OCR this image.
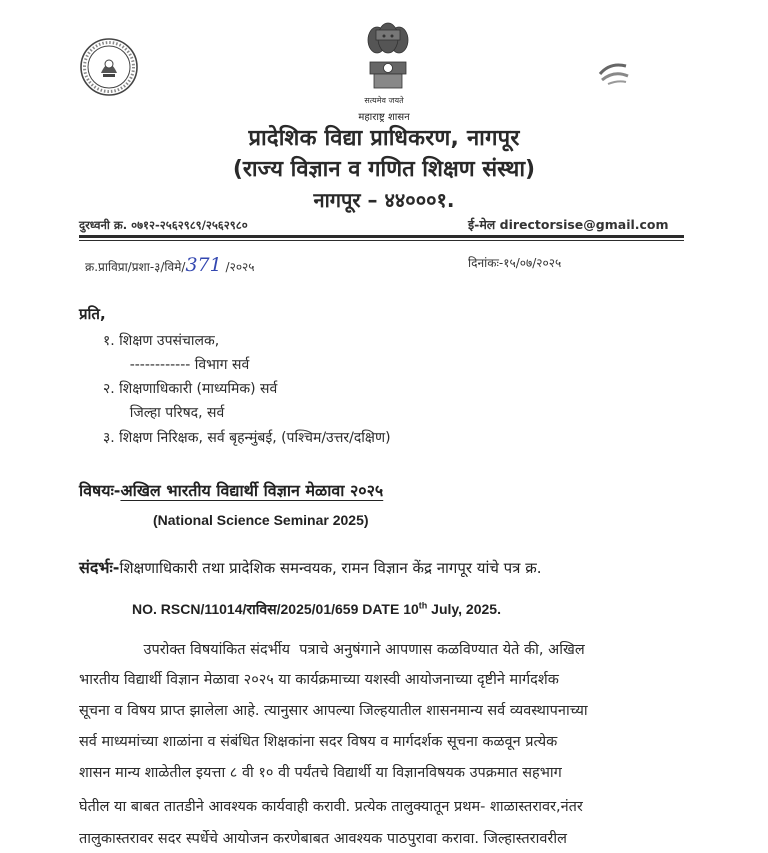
सत्यमेव जयते
महाराष्ट्र शासन
प्रादेशिक विद्या प्राधिकरण, नागपूर
(राज्य विज्ञान व गणित शिक्षण संस्था)
नागपूर – ४४०००१.
दुरध्वनी क्र. ०७१२-२५६२९८९/२५६२९८०	ई-मेल directorsise@gmail.com
क्र.प्राविप्रा/प्रशा-३/विमे/371 /२०२५	दिनांकः-१५/०७/२०२५
प्रति,
१. शिक्षण उपसंचालक,
------------ विभाग सर्व
२. शिक्षणाधिकारी (माध्यमिक) सर्व
जिल्हा परिषद, सर्व
३. शिक्षण निरिक्षक, सर्व बृहन्मुंबई, (पश्चिम/उत्तर/दक्षिण)
विषयः-अखिल भारतीय विद्यार्थी विज्ञान मेळावा २०२५
(National Science Seminar 2025)
संदर्भः-शिक्षणाधिकारी तथा प्रादेशिक समन्वयक, रामन विज्ञान केंद्र नागपूर यांचे पत्र क्र.
NO. RSCN/11014/राविस/2025/01/659 DATE 10th July, 2025.
उपरोक्त विषयांकित संदर्भीय  पत्राचे अनुषंगाने आपणास कळविण्यात येते की, अखिल
भारतीय विद्यार्थी विज्ञान मेळावा २०२५ या कार्यक्रमाच्या यशस्वी आयोजनाच्या दृष्टीने मार्गदर्शक
सूचना व विषय प्राप्त झालेला आहे. त्यानुसार आपल्या जिल्हयातील शासनमान्य सर्व व्यवस्थापनाच्या
सर्व माध्यमांच्या शाळांना व संबंधित शिक्षकांना सदर विषय व मार्गदर्शक सूचना कळवून प्रत्येक
शासन मान्य शाळेतील इयत्ता ८ वी १० वी पर्यंतचे विद्यार्थी या विज्ञानविषयक उपक्रमात सहभाग
घेतील या बाबत तातडीने आवश्यक कार्यवाही करावी. प्रत्येक तालुक्यातून प्रथम- शाळास्तरावर,नंतर
तालुकास्तरावर सदर स्पर्धेचे आयोजन करणेबाबत आवश्यक पाठपुरावा करावा. जिल्हास्तरावरील
